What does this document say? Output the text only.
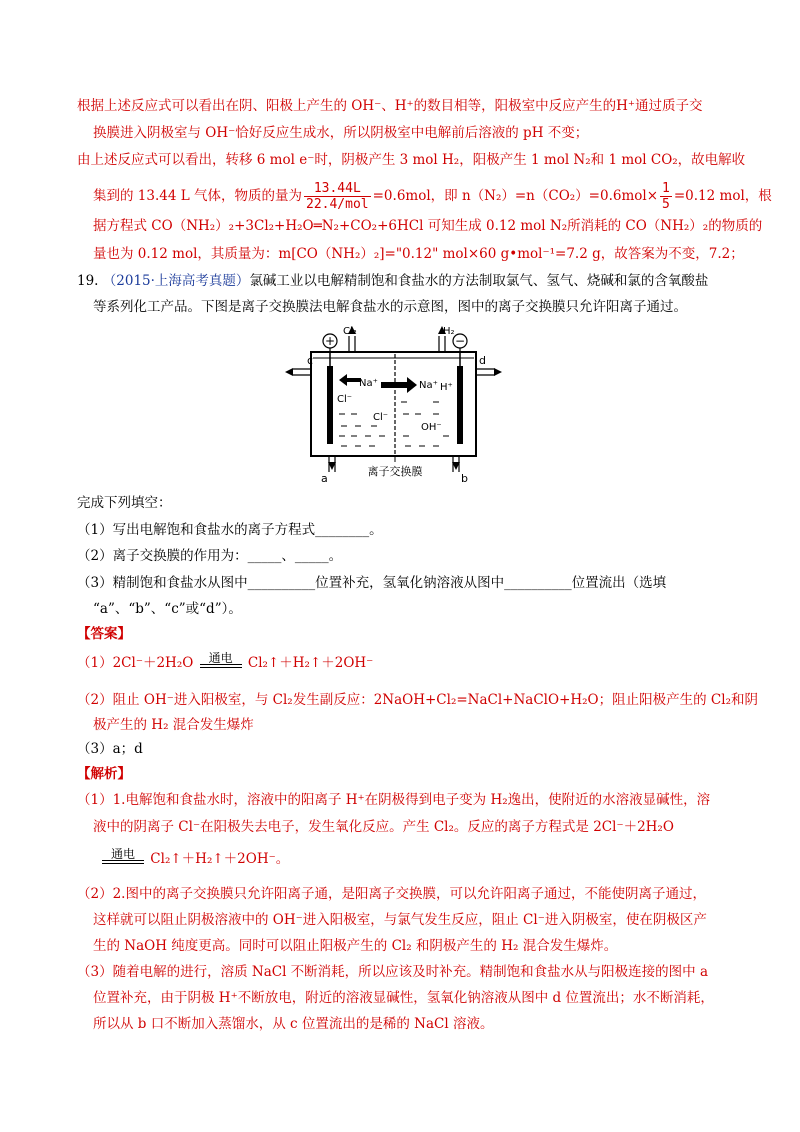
根据上述反应式可以看出在阴、阳极上产生的 OH⁻、H⁺的数目相等，阳极室中反应产生的H⁺通过质子交
换膜进入阴极室与 OH⁻恰好反应生成水，所以阴极室中电解前后溶液的 pH 不变；
由上述反应式可以看出，转移 6 mol e⁻时，阴极产生 3 mol H₂，阳极产生 1 mol N₂和 1 mol CO₂，故电解收
集到的 13.44 L 气体，物质的量为 $\frac{13.44L}{\text{22.4/mol}} =0.6mol$，即 $n(N_2)=n(CO_2)=0.6mol\times \frac{1}{5} =0.12$ mol，根
据方程式 CO（NH₂）₂+3Cl₂+H₂O═N₂+CO₂+6HCl 可知生成 0.12 mol N₂所消耗的 CO（NH₂）₂的物质的
量也为 0.12 mol，其质量为：m[CO（NH₂）₂]="0.12" mol×60 g•mol⁻¹=7.2 g，故答案为不变，7.2；
19. （2015·上海高考真题）氯碱工业以电解精制饱和食盐水的方法制取氯气、氢气、烧碱和氯的含氧酸盐
等系列化工产品。下图是离子交换膜法电解食盐水的示意图，图中的离子交换膜只允许阳离子通过。
+	−
Cl₂	H₂
c	d
a	b
Cl⁻
Na⁺	Na⁺ H⁺
Cl⁻
OH⁻
离子交换膜
完成下列填空：
（1）写出电解饱和食盐水的离子方程式________。
（2）离子交换膜的作用为：_____、_____。
（3）精制饱和食盐水从图中__________位置补充，氢氧化钠溶液从图中__________位置流出（选填
“a”、“b”、“c”或“d”）。
【答案】
（1）2Cl⁻＋2H₂O	通电	Cl₂↑＋H₂↑＋2OH⁻
（2）阻止 OH⁻进入阳极室，与 Cl₂发生副反应：2NaOH+Cl₂=NaCl+NaClO+H₂O；阻止阳极产生的 Cl₂和阴
极产生的 H₂ 混合发生爆炸
（3）a；d
【解析】
（1）1.电解饱和食盐水时，溶液中的阳离子 H⁺在阴极得到电子变为 H₂逸出，使附近的水溶液显碱性，溶
液中的阴离子 Cl⁻在阳极失去电子，发生氧化反应。产生 Cl₂。反应的离子方程式是 2Cl⁻＋2H₂O
通电	Cl₂↑＋H₂↑＋2OH⁻。
（2）2.图中的离子交换膜只允许阳离子通，是阳离子交换膜，可以允许阳离子通过，不能使阴离子通过，
这样就可以阻止阴极溶液中的 OH⁻进入阳极室，与氯气发生反应，阻止 Cl⁻进入阴极室，使在阴极区产
生的 NaOH 纯度更高。同时可以阻止阳极产生的 Cl₂ 和阴极产生的 H₂ 混合发生爆炸。
（3）随着电解的进行，溶质 NaCl 不断消耗，所以应该及时补充。精制饱和食盐水从与阳极连接的图中 a
位置补充，由于阴极 H⁺不断放电，附近的溶液显碱性，氢氧化钠溶液从图中 d 位置流出；水不断消耗，
所以从 b 口不断加入蒸馏水，从 c 位置流出的是稀的 NaCl 溶液。
